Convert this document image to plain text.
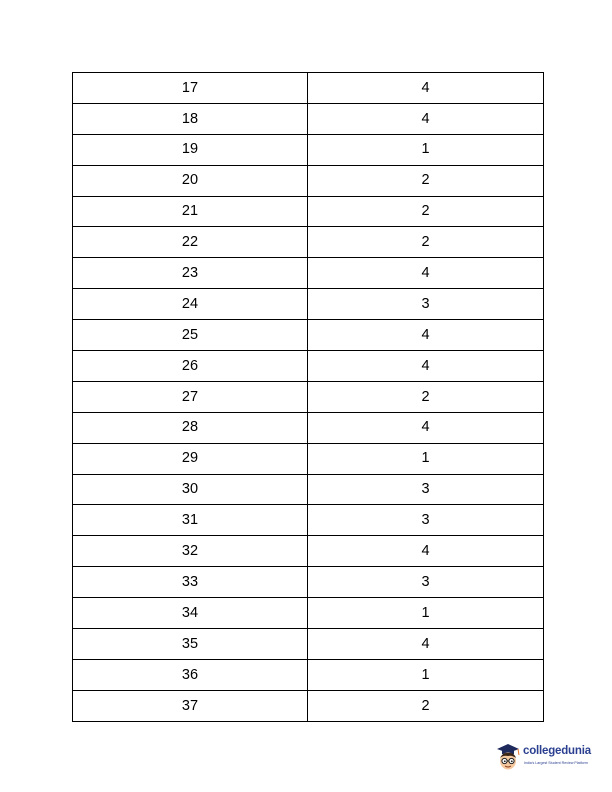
17	4
18	4
19	1
20	2
21	2
22	2
23	4
24	3
25	4
26	4
27	2
28	4
29	1
30	3
31	3
32	4
33	3
34	1
35	4
36	1
37	2
collegedunia
India's Largest Student Review Platform
